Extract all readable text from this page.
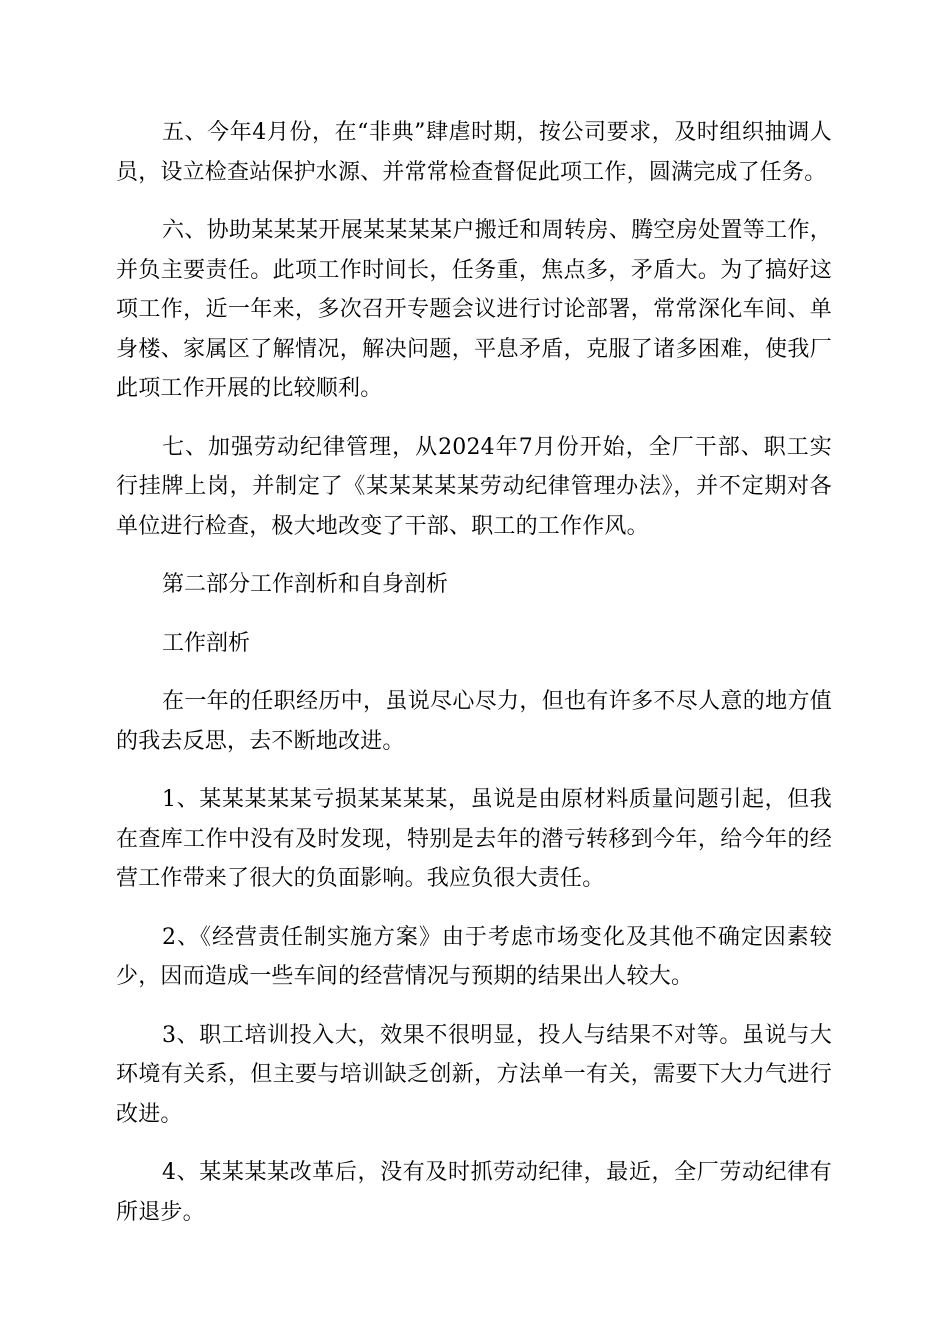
五、今年4月份，在“非典”肆虐时期，按公司要求，及时组织抽调人员，设立检查站保护水源、并常常检查督促此项工作，圆满完成了任务。

六、协助某某某开展某某某某户搬迁和周转房、腾空房处置等工作，并负主要责任。此项工作时间长，任务重，焦点多，矛盾大。为了搞好这项工作，近一年来，多次召开专题会议进行讨论部署，常常深化车间、单身楼、家属区了解情况，解决问题，平息矛盾，克服了诸多困难，使我厂此项工作开展的比较顺利。

七、加强劳动纪律管理，从2024年7月份开始，全厂干部、职工实行挂牌上岗，并制定了《某某某某某劳动纪律管理办法》，并不定期对各单位进行检查，极大地改变了干部、职工的工作作风。

第二部分工作剖析和自身剖析

工作剖析

在一年的任职经历中，虽说尽心尽力，但也有许多不尽人意的地方值的我去反思，去不断地改进。

1、某某某某某亏损某某某某，虽说是由原材料质量问题引起，但我在查库工作中没有及时发现，特别是去年的潜亏转移到今年，给今年的经营工作带来了很大的负面影响。我应负很大责任。

2、《经营责任制实施方案》由于考虑市场变化及其他不确定因素较少，因而造成一些车间的经营情况与预期的结果出人较大。

3、职工培训投入大，效果不很明显，投人与结果不对等。虽说与大环境有关系，但主要与培训缺乏创新，方法单一有关，需要下大力气进行改进。

4、某某某某改革后，没有及时抓劳动纪律，最近，全厂劳动纪律有所退步。
